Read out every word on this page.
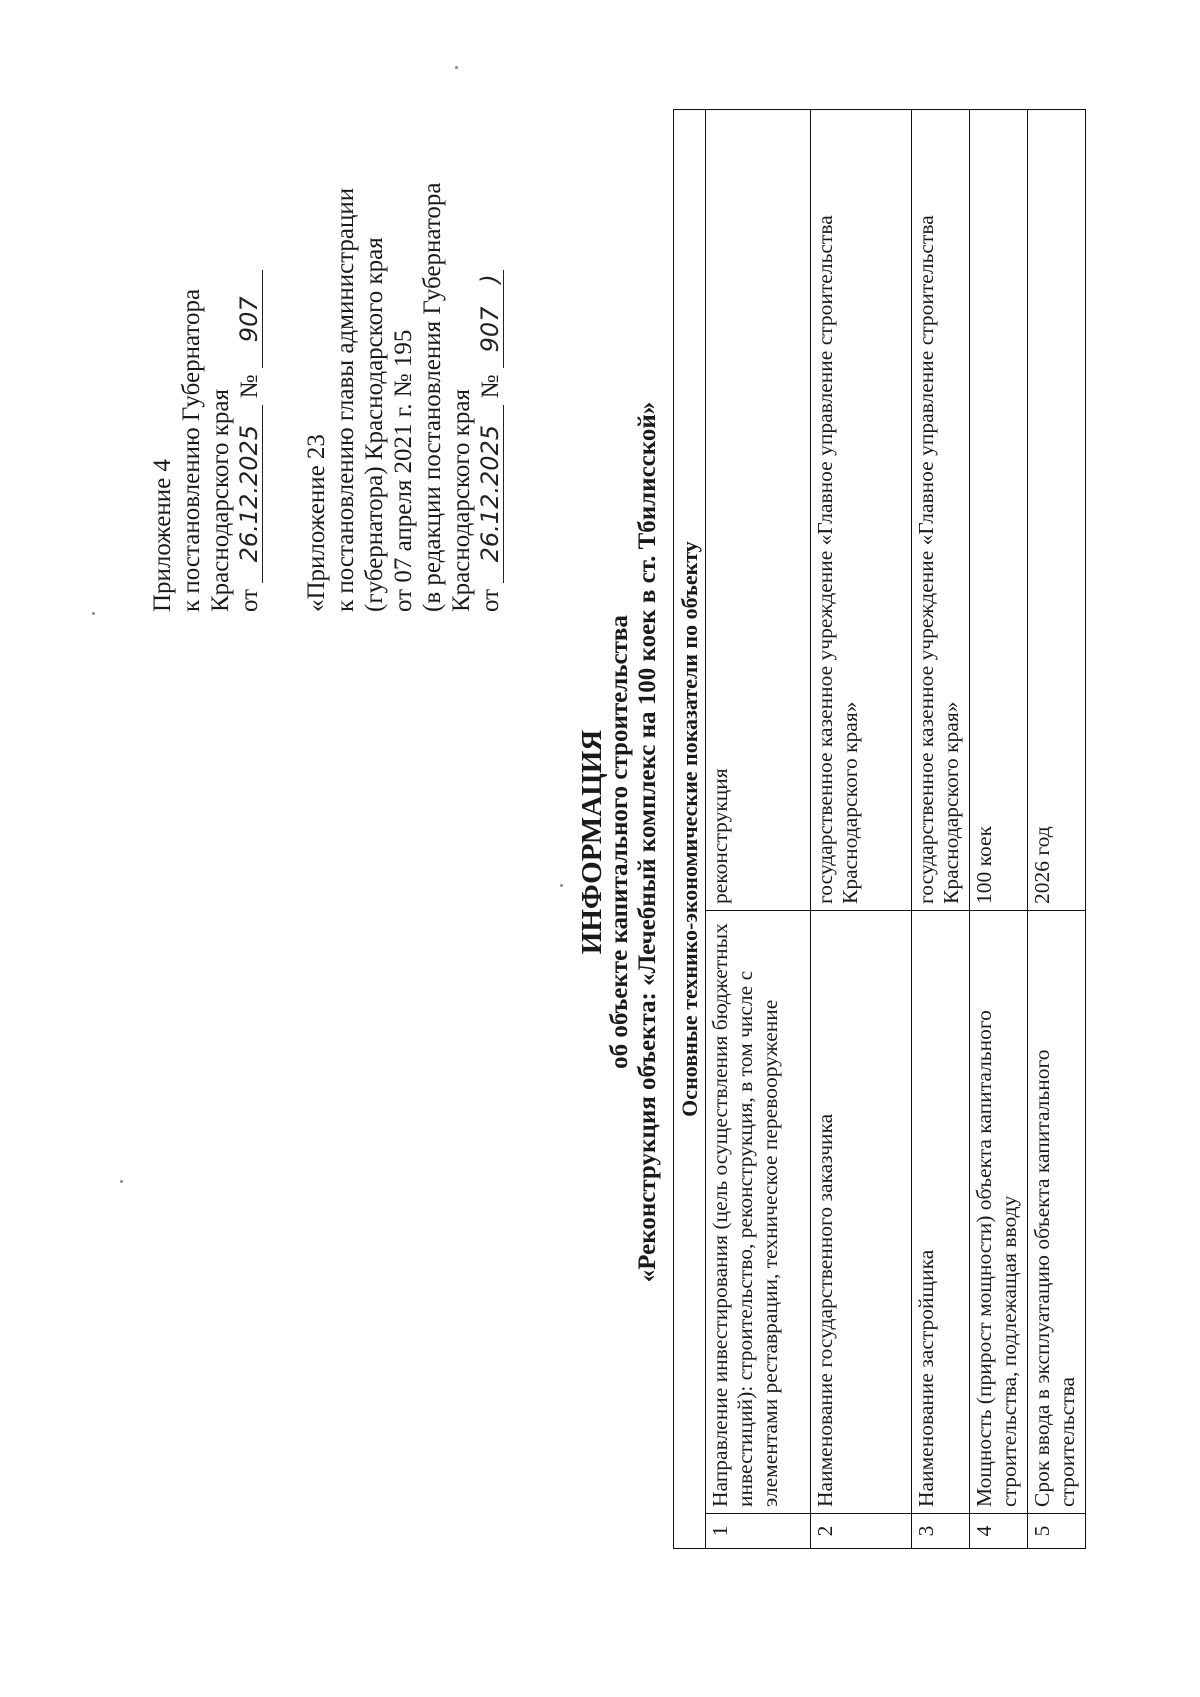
Приложение 4 к постановлению Губернатора Краснодарского края от 26.12.2025 № 907
«Приложение 23 к постановлению главы администрации (губернатора) Краснодарского края от 07 апреля 2021 г. № 195 (в редакции постановления Губернатора Краснодарского края от 26.12.2025 № 907   )
ИНФОРМАЦИЯ
об объекте капитального строительства «Реконструкция объекта: «Лечебный комплекс на 100 коек в ст. Тбилисской» Основные технико-экономические показатели по объекту		
1	Направление инвестирования (цель осуществления бюджетных инвестиций): строительство, реконструкция, в том числе с элементами реставрации, техническое перевооружение	реконструкция
2	Наименование государственного заказчика	государственное казенное учреждение «Главное управление строительства Краснодарского края»
3	Наименование застройщика	государственное казенное учреждение «Главное управление строительства Краснодарского края»
4	Мощность (прирост мощности) объекта капитального строительства, подлежащая вводу	100 коек
5	Срок ввода в эксплуатацию объекта капитального строительства	2026 год
